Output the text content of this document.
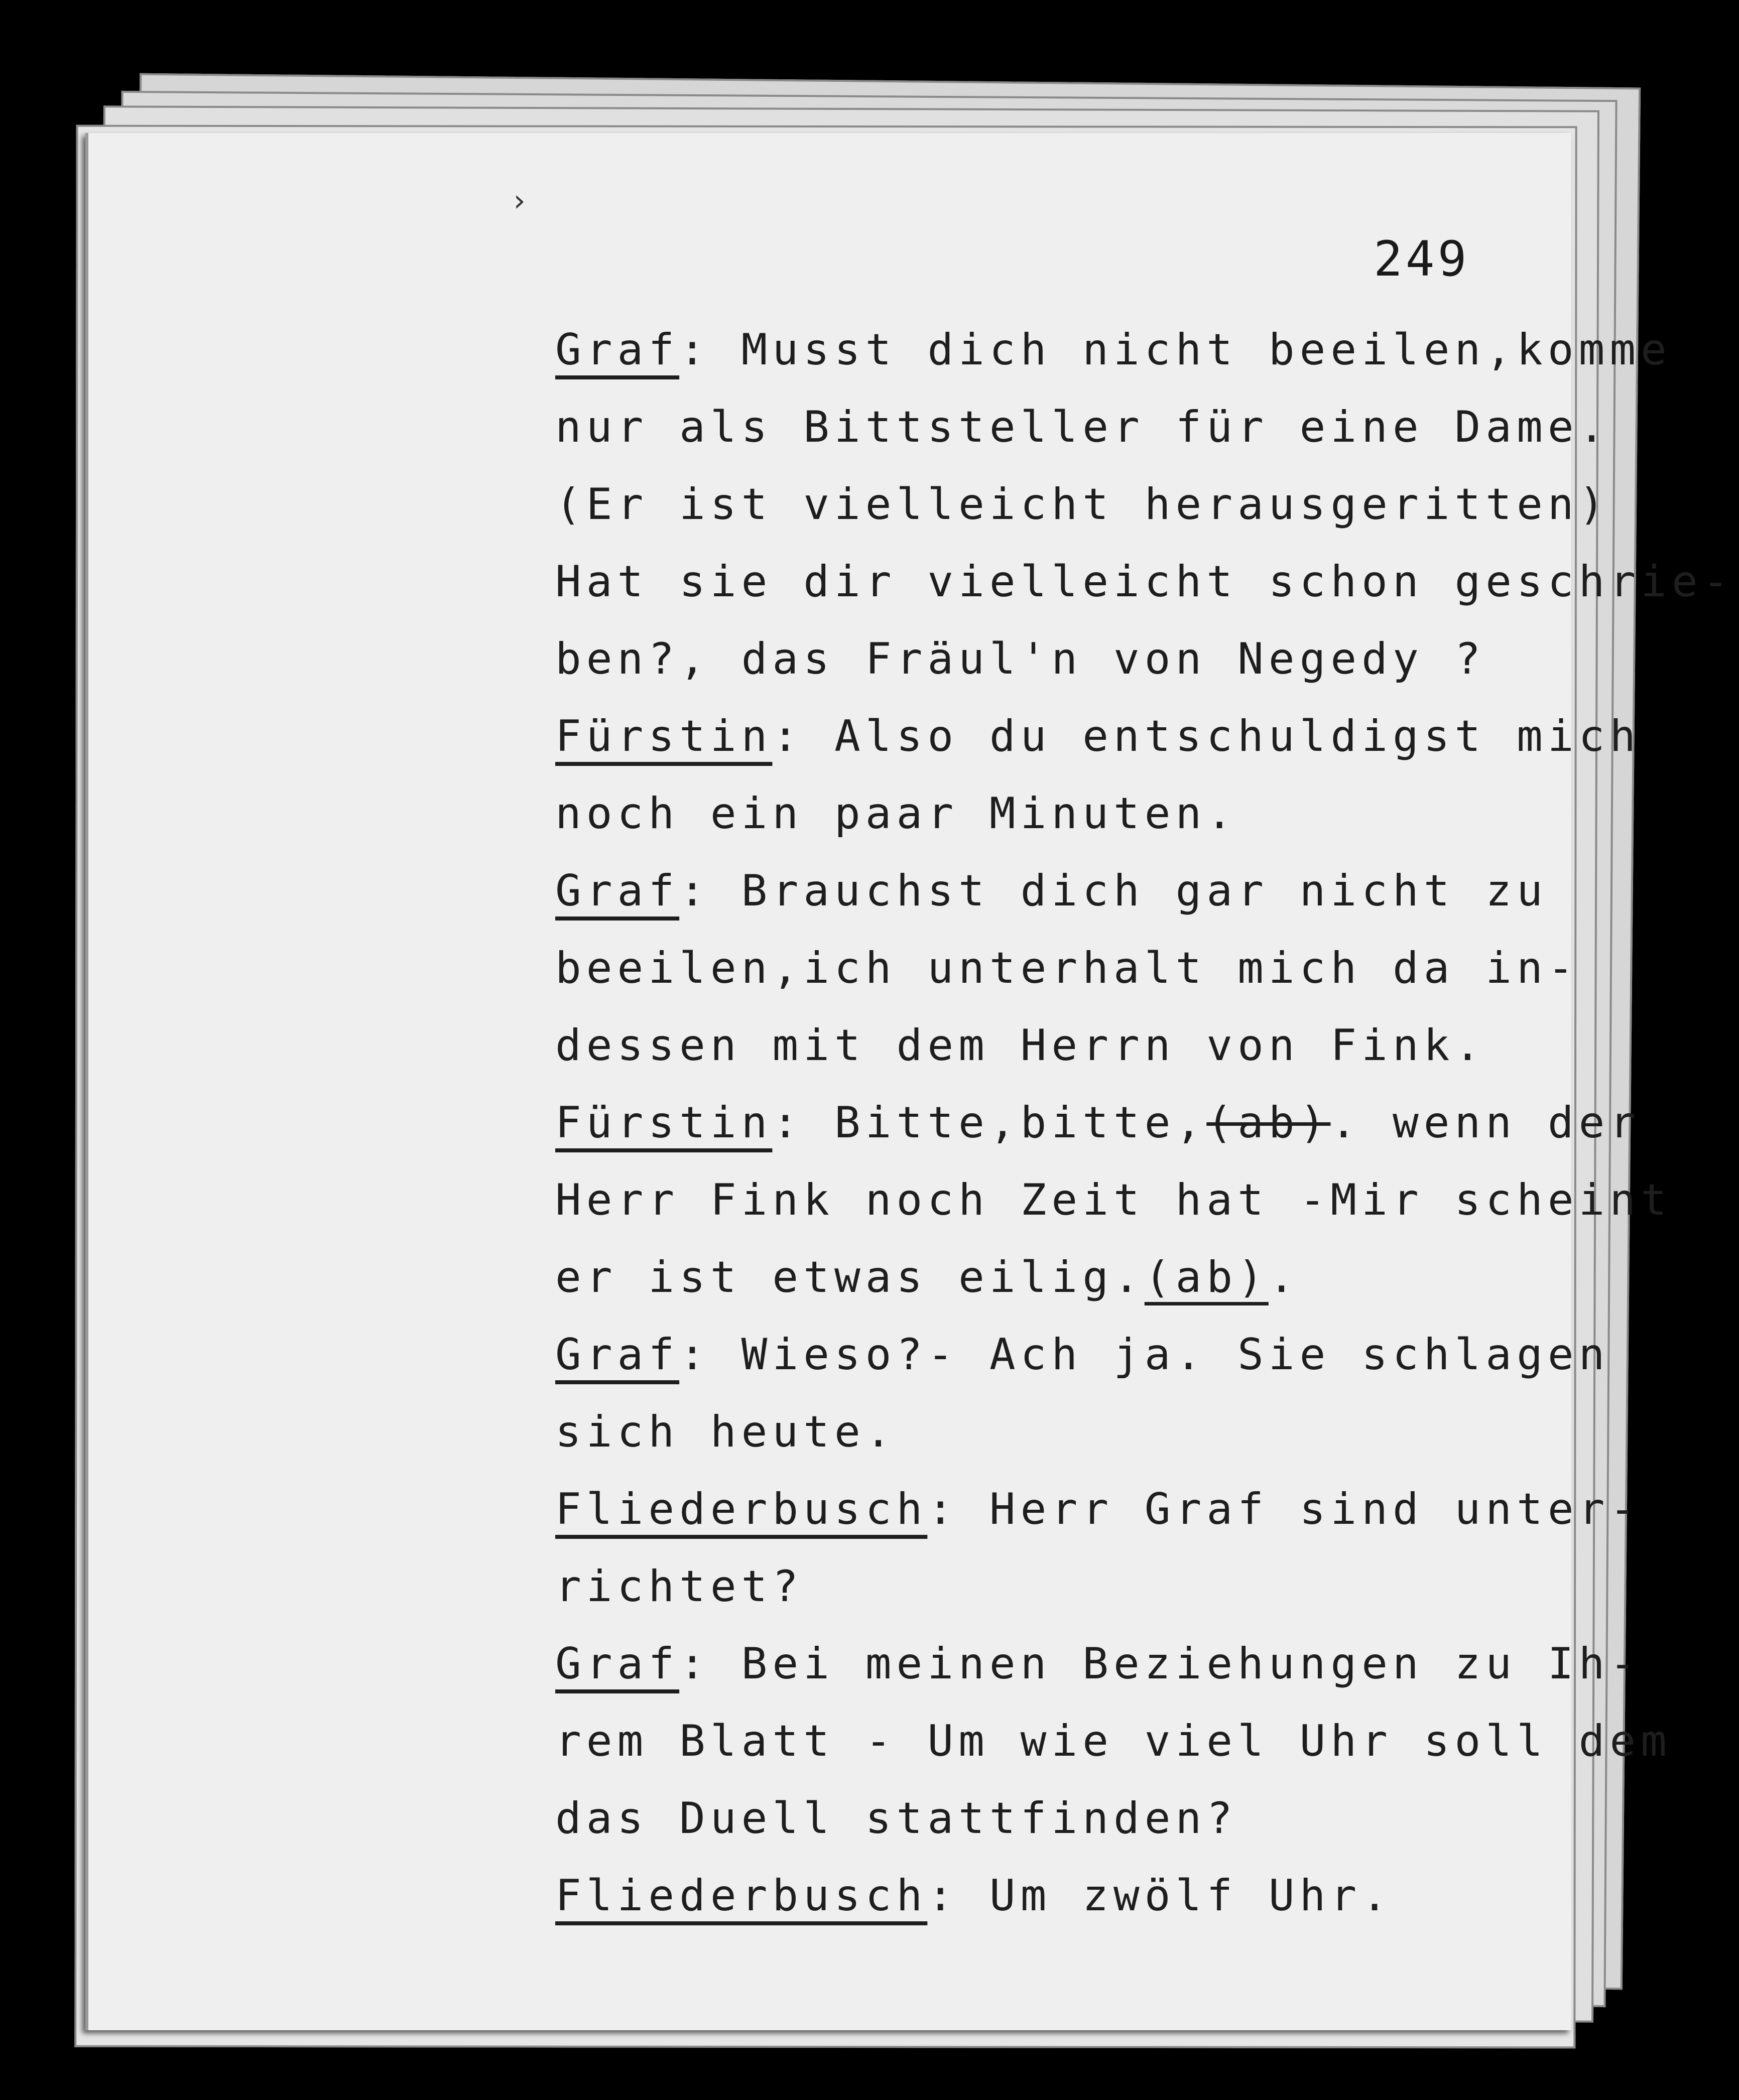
›
249
Graf: Musst dich nicht beeilen,komme
nur als Bittsteller für eine Dame.
(Er ist vielleicht herausgeritten)
Hat sie dir vielleicht schon geschrie-
ben?, das Fräul'n von Negedy ?
Fürstin: Also du entschuldigst mich
noch ein paar Minuten.
Graf: Brauchst dich gar nicht zu
beeilen,ich unterhalt mich da in-
dessen mit dem Herrn von Fink.
Fürstin: Bitte,bitte,(ab). wenn der
Herr Fink noch Zeit hat -Mir scheint
er ist etwas eilig.(ab).
Graf: Wieso?- Ach ja. Sie schlagen
sich heute.
Fliederbusch: Herr Graf sind unter-
richtet?
Graf: Bei meinen Beziehungen zu Ih-
rem Blatt - Um wie viel Uhr soll dem
das Duell stattfinden?
Fliederbusch: Um zwölf Uhr.
